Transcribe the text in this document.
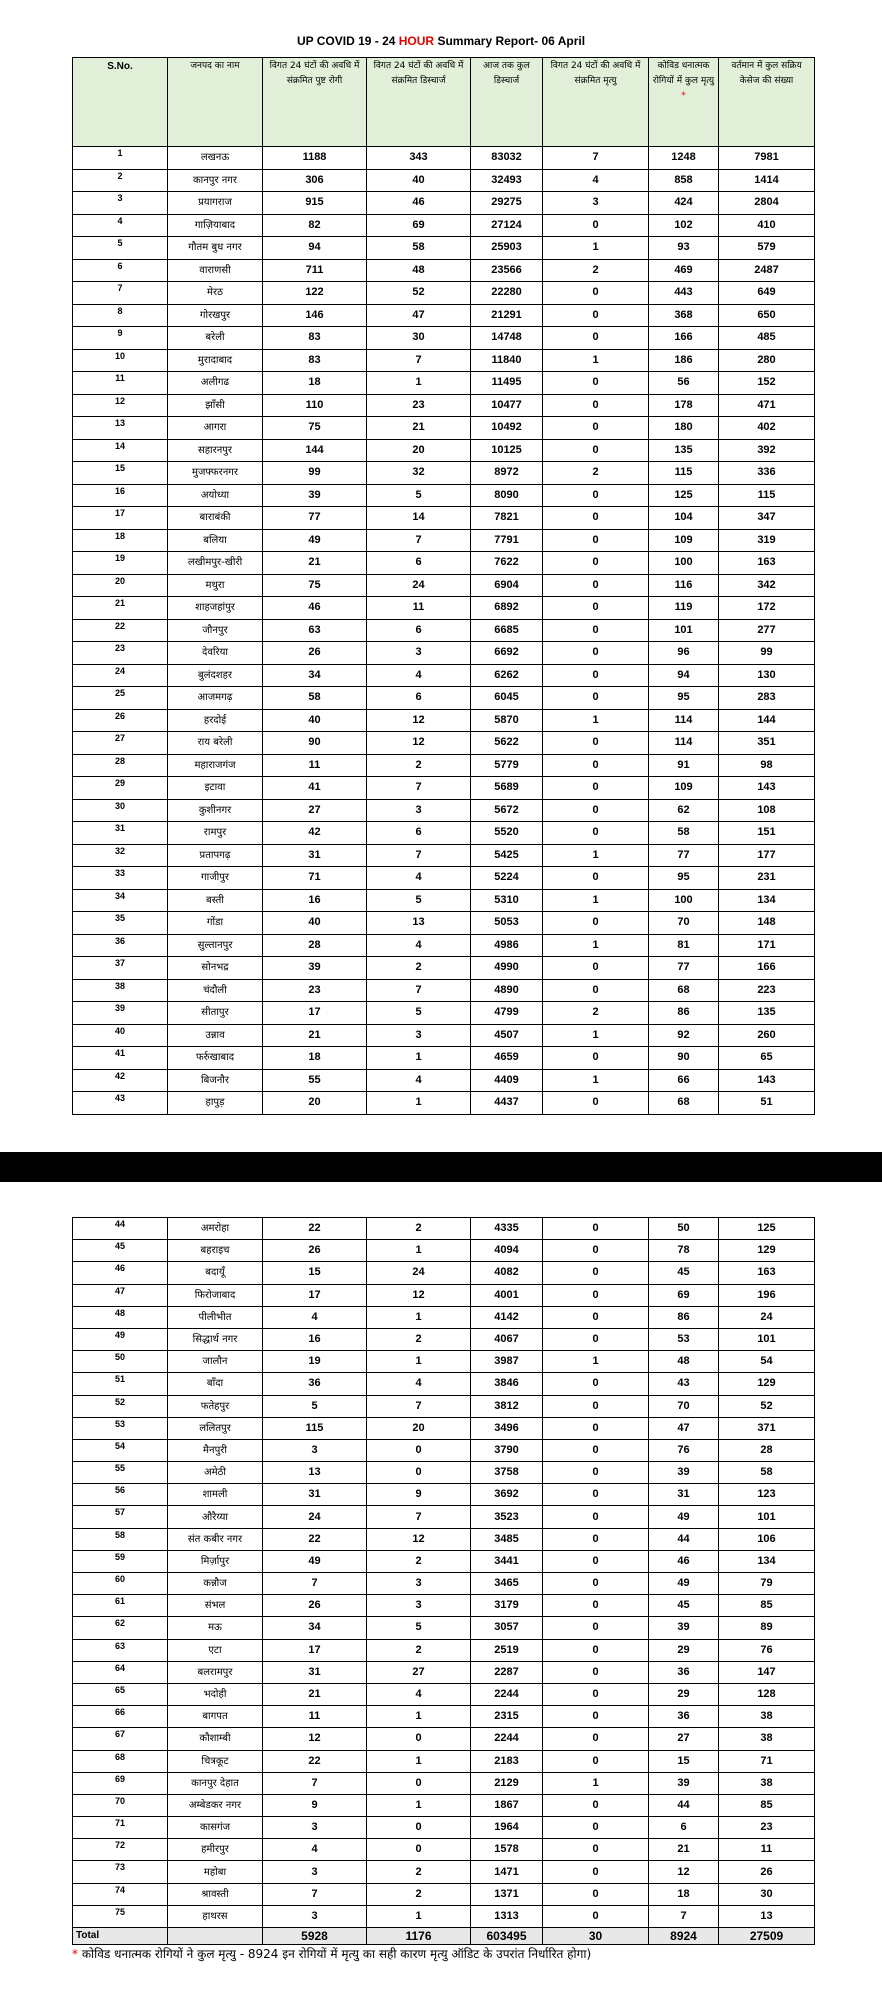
UP COVID 19 - 24 HOUR Summary Report- 06 April
S.No.	जनपद का नाम	विगत 24 घंटों की अवधि में संक्रमित पुष्ट रोगी	विगत 24 घंटों की अवधि में संक्रमित डिस्चार्ज	आज तक कुल डिस्चार्ज	विगत 24 घंटों की अवधि में संक्रमित मृत्यु	कोविड धनात्मक रोगियों में कुल मृत्यु *	वर्तमान में कुल सक्रिय केसेज की संख्या
1	लखनऊ	1188	343	83032	7	1248	7981
2	कानपुर नगर	306	40	32493	4	858	1414
3	प्रयागराज	915	46	29275	3	424	2804
4	गाज़ियाबाद	82	69	27124	0	102	410
5	गौतम बुध नगर	94	58	25903	1	93	579
6	वाराणसी	711	48	23566	2	469	2487
7	मेरठ	122	52	22280	0	443	649
8	गोरखपुर	146	47	21291	0	368	650
9	बरेली	83	30	14748	0	166	485
10	मुरादाबाद	83	7	11840	1	186	280
11	अलीगढ	18	1	11495	0	56	152
12	झाँसी	110	23	10477	0	178	471
13	आगरा	75	21	10492	0	180	402
14	सहारनपुर	144	20	10125	0	135	392
15	मुजफ्फरनगर	99	32	8972	2	115	336
16	अयोध्या	39	5	8090	0	125	115
17	बाराबंकी	77	14	7821	0	104	347
18	बलिया	49	7	7791	0	109	319
19	लखीमपुर-खीरी	21	6	7622	0	100	163
20	मथुरा	75	24	6904	0	116	342
21	शाहजहांपुर	46	11	6892	0	119	172
22	जौनपुर	63	6	6685	0	101	277
23	देवरिया	26	3	6692	0	96	99
24	बुलंदशहर	34	4	6262	0	94	130
25	आजमगढ़	58	6	6045	0	95	283
26	हरदोई	40	12	5870	1	114	144
27	राय बरेली	90	12	5622	0	114	351
28	महाराजगंज	11	2	5779	0	91	98
29	इटावा	41	7	5689	0	109	143
30	कुशीनगर	27	3	5672	0	62	108
31	रामपुर	42	6	5520	0	58	151
32	प्रतापगढ़	31	7	5425	1	77	177
33	गाजीपुर	71	4	5224	0	95	231
34	बस्ती	16	5	5310	1	100	134
35	गोंडा	40	13	5053	0	70	148
36	सुल्तानपुर	28	4	4986	1	81	171
37	सोनभद्र	39	2	4990	0	77	166
38	चंदौली	23	7	4890	0	68	223
39	सीतापुर	17	5	4799	2	86	135
40	उन्नाव	21	3	4507	1	92	260
41	फर्रुखाबाद	18	1	4659	0	90	65
42	बिजनौर	55	4	4409	1	66	143
43	हापुड़	20	1	4437	0	68	51
44	अमरोहा	22	2	4335	0	50	125
45	बहराइच	26	1	4094	0	78	129
46	बदायूँ	15	24	4082	0	45	163
47	फिरोजाबाद	17	12	4001	0	69	196
48	पीलीभीत	4	1	4142	0	86	24
49	सिद्धार्थ नगर	16	2	4067	0	53	101
50	जालौन	19	1	3987	1	48	54
51	बाँदा	36	4	3846	0	43	129
52	फतेहपुर	5	7	3812	0	70	52
53	ललितपुर	115	20	3496	0	47	371
54	मैनपुरी	3	0	3790	0	76	28
55	अमेठी	13	0	3758	0	39	58
56	शामली	31	9	3692	0	31	123
57	औरैय्या	24	7	3523	0	49	101
58	संत कबीर नगर	22	12	3485	0	44	106
59	मिर्ज़ापुर	49	2	3441	0	46	134
60	कन्नौज	7	3	3465	0	49	79
61	संभल	26	3	3179	0	45	85
62	मऊ	34	5	3057	0	39	89
63	एटा	17	2	2519	0	29	76
64	बलरामपुर	31	27	2287	0	36	147
65	भदोही	21	4	2244	0	29	128
66	बागपत	11	1	2315	0	36	38
67	कौशाम्बी	12	0	2244	0	27	38
68	चित्रकूट	22	1	2183	0	15	71
69	कानपुर देहात	7	0	2129	1	39	38
70	अम्बेडकर नगर	9	1	1867	0	44	85
71	कासगंज	3	0	1964	0	6	23
72	हमीरपुर	4	0	1578	0	21	11
73	महोबा	3	2	1471	0	12	26
74	श्रावस्ती	7	2	1371	0	18	30
75	हाथरस	3	1	1313	0	7	13
Total		5928	1176	603495	30	8924	27509
* कोविड धनात्मक रोगियों ने कुल मृत्यु - 8924 इन रोगियों में मृत्यु का सही कारण मृत्यु ऑडिट के उपरांत निर्धारित होगा)
